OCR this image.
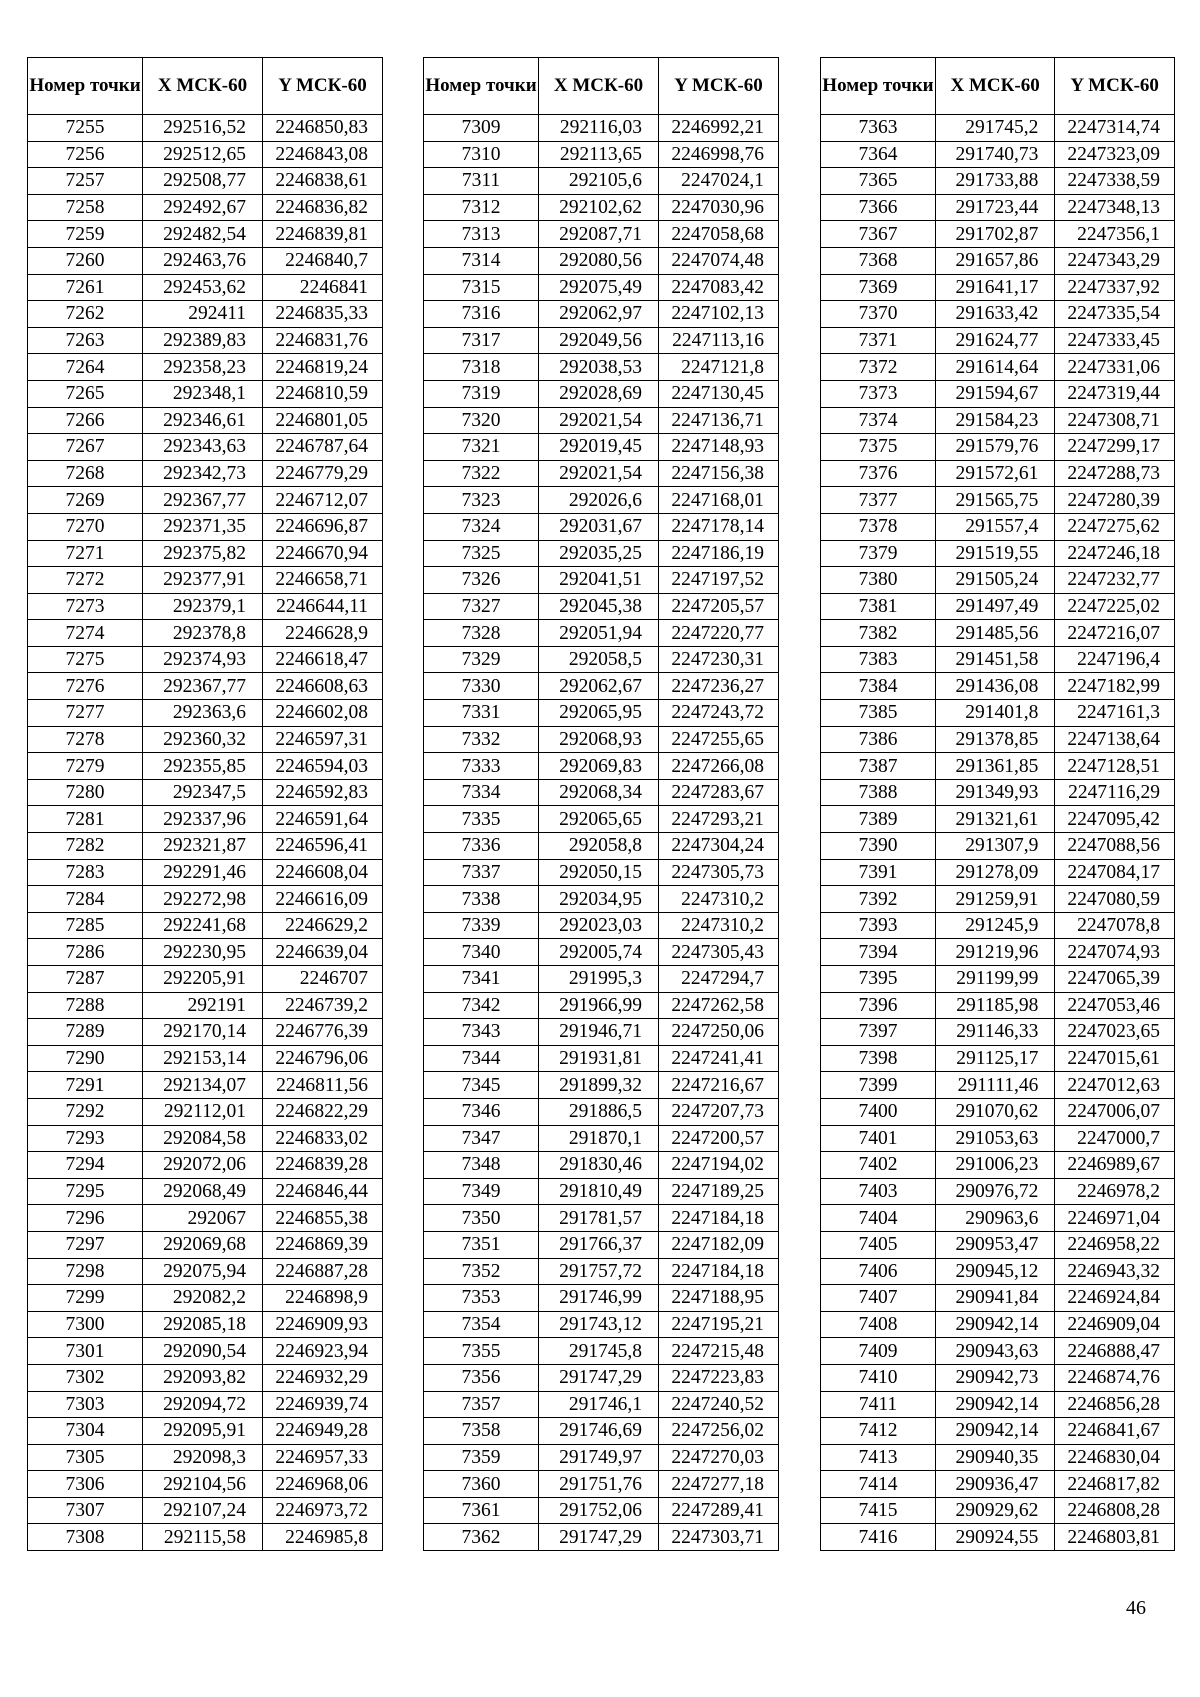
Номер точки	X МСК-60	Y МСК-60
7255	292516,52	2246850,83
7256	292512,65	2246843,08
7257	292508,77	2246838,61
7258	292492,67	2246836,82
7259	292482,54	2246839,81
7260	292463,76	2246840,7
7261	292453,62	2246841
7262	292411	2246835,33
7263	292389,83	2246831,76
7264	292358,23	2246819,24
7265	292348,1	2246810,59
7266	292346,61	2246801,05
7267	292343,63	2246787,64
7268	292342,73	2246779,29
7269	292367,77	2246712,07
7270	292371,35	2246696,87
7271	292375,82	2246670,94
7272	292377,91	2246658,71
7273	292379,1	2246644,11
7274	292378,8	2246628,9
7275	292374,93	2246618,47
7276	292367,77	2246608,63
7277	292363,6	2246602,08
7278	292360,32	2246597,31
7279	292355,85	2246594,03
7280	292347,5	2246592,83
7281	292337,96	2246591,64
7282	292321,87	2246596,41
7283	292291,46	2246608,04
7284	292272,98	2246616,09
7285	292241,68	2246629,2
7286	292230,95	2246639,04
7287	292205,91	2246707
7288	292191	2246739,2
7289	292170,14	2246776,39
7290	292153,14	2246796,06
7291	292134,07	2246811,56
7292	292112,01	2246822,29
7293	292084,58	2246833,02
7294	292072,06	2246839,28
7295	292068,49	2246846,44
7296	292067	2246855,38
7297	292069,68	2246869,39
7298	292075,94	2246887,28
7299	292082,2	2246898,9
7300	292085,18	2246909,93
7301	292090,54	2246923,94
7302	292093,82	2246932,29
7303	292094,72	2246939,74
7304	292095,91	2246949,28
7305	292098,3	2246957,33
7306	292104,56	2246968,06
7307	292107,24	2246973,72
7308	292115,58	2246985,8
Номер точки	X МСК-60	Y МСК-60
7309	292116,03	2246992,21
7310	292113,65	2246998,76
7311	292105,6	2247024,1
7312	292102,62	2247030,96
7313	292087,71	2247058,68
7314	292080,56	2247074,48
7315	292075,49	2247083,42
7316	292062,97	2247102,13
7317	292049,56	2247113,16
7318	292038,53	2247121,8
7319	292028,69	2247130,45
7320	292021,54	2247136,71
7321	292019,45	2247148,93
7322	292021,54	2247156,38
7323	292026,6	2247168,01
7324	292031,67	2247178,14
7325	292035,25	2247186,19
7326	292041,51	2247197,52
7327	292045,38	2247205,57
7328	292051,94	2247220,77
7329	292058,5	2247230,31
7330	292062,67	2247236,27
7331	292065,95	2247243,72
7332	292068,93	2247255,65
7333	292069,83	2247266,08
7334	292068,34	2247283,67
7335	292065,65	2247293,21
7336	292058,8	2247304,24
7337	292050,15	2247305,73
7338	292034,95	2247310,2
7339	292023,03	2247310,2
7340	292005,74	2247305,43
7341	291995,3	2247294,7
7342	291966,99	2247262,58
7343	291946,71	2247250,06
7344	291931,81	2247241,41
7345	291899,32	2247216,67
7346	291886,5	2247207,73
7347	291870,1	2247200,57
7348	291830,46	2247194,02
7349	291810,49	2247189,25
7350	291781,57	2247184,18
7351	291766,37	2247182,09
7352	291757,72	2247184,18
7353	291746,99	2247188,95
7354	291743,12	2247195,21
7355	291745,8	2247215,48
7356	291747,29	2247223,83
7357	291746,1	2247240,52
7358	291746,69	2247256,02
7359	291749,97	2247270,03
7360	291751,76	2247277,18
7361	291752,06	2247289,41
7362	291747,29	2247303,71
Номер точки	X МСК-60	Y МСК-60
7363	291745,2	2247314,74
7364	291740,73	2247323,09
7365	291733,88	2247338,59
7366	291723,44	2247348,13
7367	291702,87	2247356,1
7368	291657,86	2247343,29
7369	291641,17	2247337,92
7370	291633,42	2247335,54
7371	291624,77	2247333,45
7372	291614,64	2247331,06
7373	291594,67	2247319,44
7374	291584,23	2247308,71
7375	291579,76	2247299,17
7376	291572,61	2247288,73
7377	291565,75	2247280,39
7378	291557,4	2247275,62
7379	291519,55	2247246,18
7380	291505,24	2247232,77
7381	291497,49	2247225,02
7382	291485,56	2247216,07
7383	291451,58	2247196,4
7384	291436,08	2247182,99
7385	291401,8	2247161,3
7386	291378,85	2247138,64
7387	291361,85	2247128,51
7388	291349,93	2247116,29
7389	291321,61	2247095,42
7390	291307,9	2247088,56
7391	291278,09	2247084,17
7392	291259,91	2247080,59
7393	291245,9	2247078,8
7394	291219,96	2247074,93
7395	291199,99	2247065,39
7396	291185,98	2247053,46
7397	291146,33	2247023,65
7398	291125,17	2247015,61
7399	291111,46	2247012,63
7400	291070,62	2247006,07
7401	291053,63	2247000,7
7402	291006,23	2246989,67
7403	290976,72	2246978,2
7404	290963,6	2246971,04
7405	290953,47	2246958,22
7406	290945,12	2246943,32
7407	290941,84	2246924,84
7408	290942,14	2246909,04
7409	290943,63	2246888,47
7410	290942,73	2246874,76
7411	290942,14	2246856,28
7412	290942,14	2246841,67
7413	290940,35	2246830,04
7414	290936,47	2246817,82
7415	290929,62	2246808,28
7416	290924,55	2246803,81
46
